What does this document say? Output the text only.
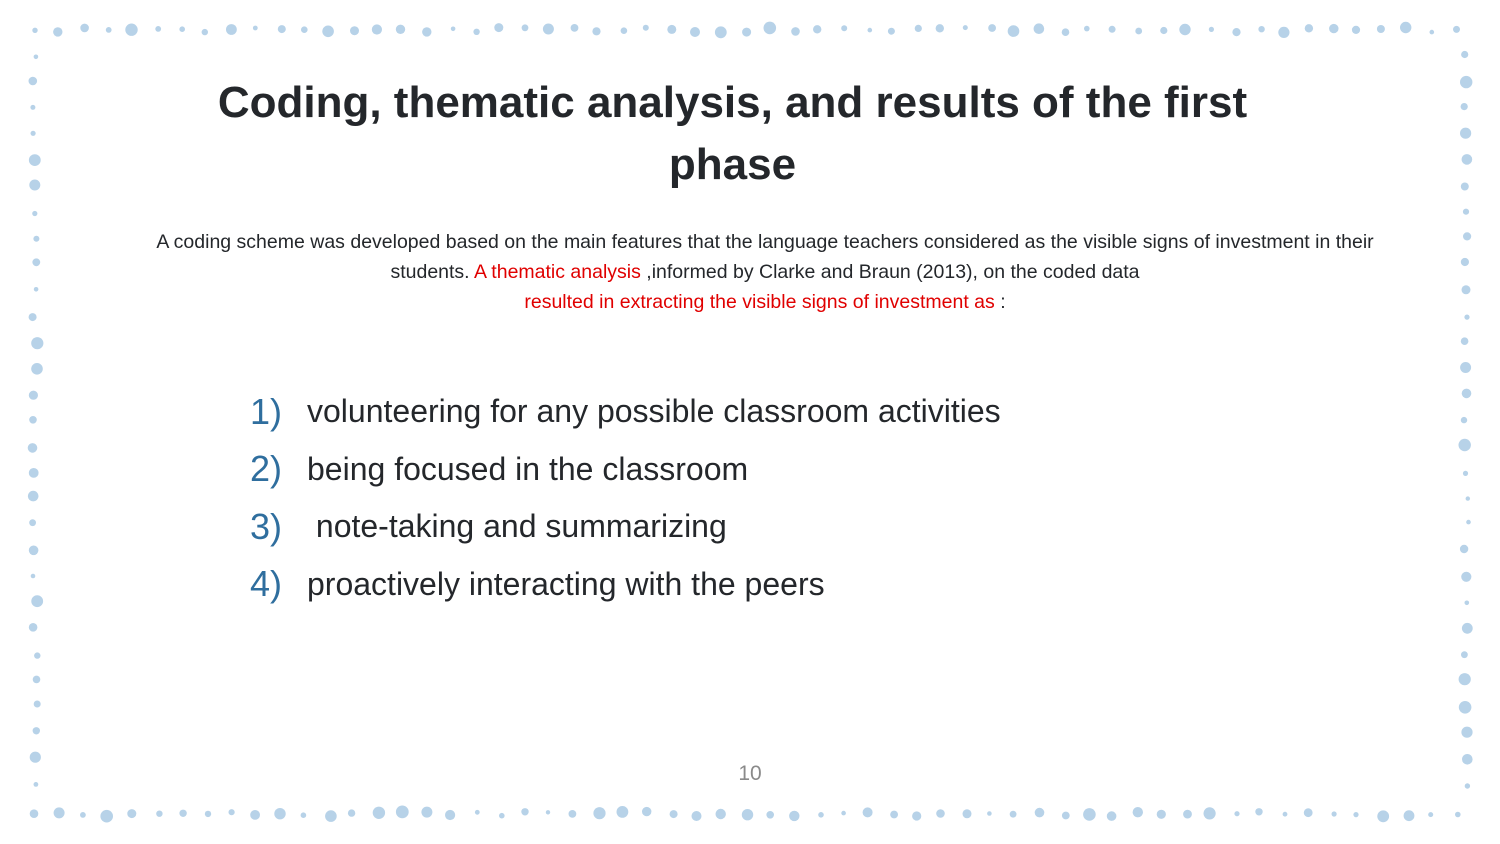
Coding, thematic analysis, and results of the first phase

A coding scheme was developed based on the main features that the language teachers considered as the visible signs of investment in their students. A thematic analysis ,informed by Clarke and Braun (2013), on the coded data
resulted in extracting the visible signs of investment as :

1) volunteering for any possible classroom activities
2) being focused in the classroom
3) note-taking and summarizing
4) proactively interacting with the peers
10
